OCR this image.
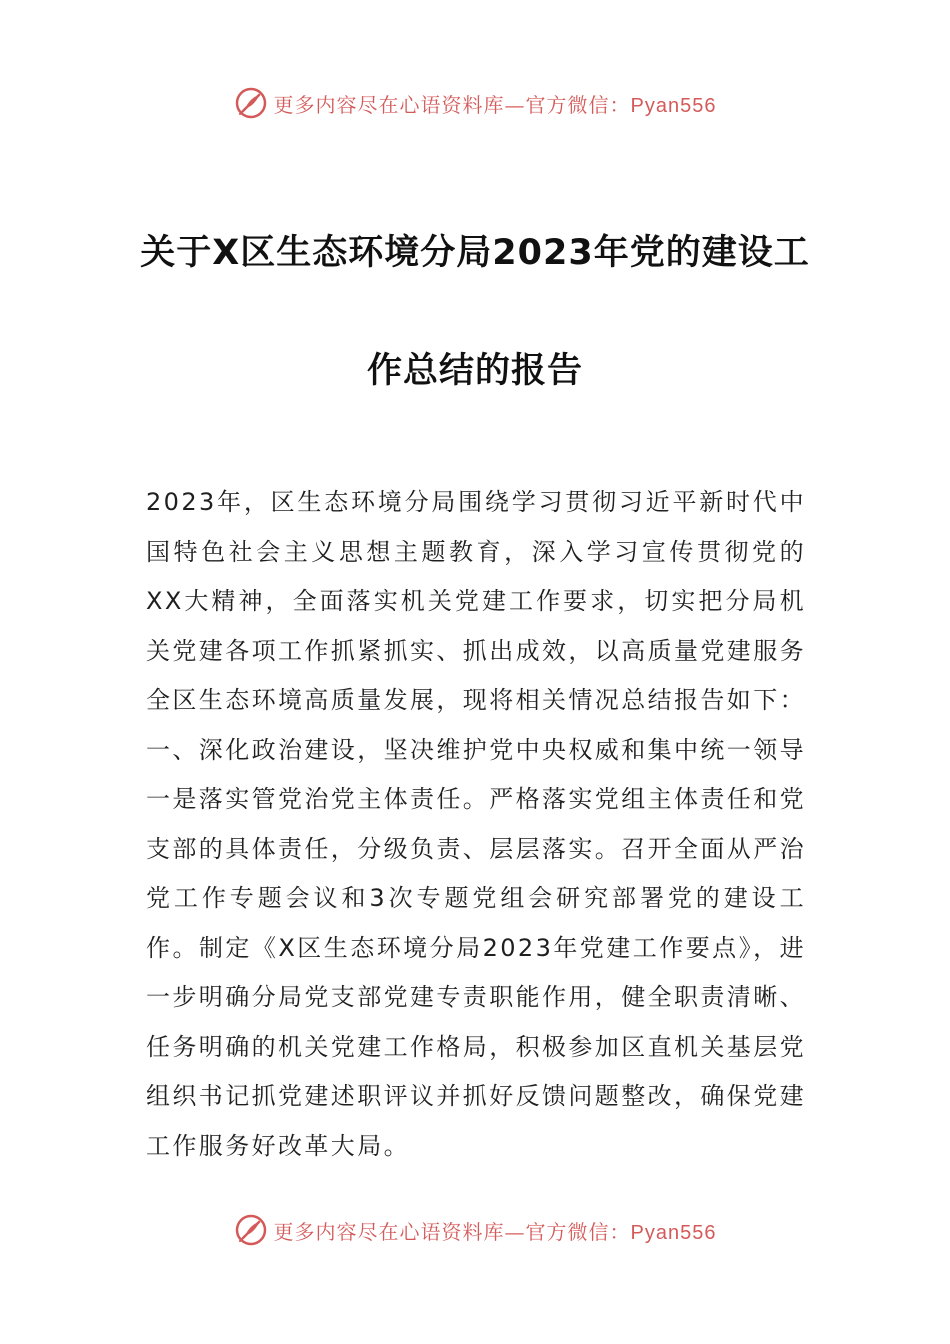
更多内容尽在心语资料库—官方微信：Pyan556
关于X区生态环境分局2023年党的建设工
作总结的报告

2023年，区生态环境分局围绕学习贯彻习近平新时代中国特色社会主义思想主题教育，深入学习宣传贯彻党的XX大精神，全面落实机关党建工作要求，切实把分局机关党建各项工作抓紧抓实、抓出成效，以高质量党建服务全区生态环境高质量发展，现将相关情况总结报告如下：

一、深化政治建设，坚决维护党中央权威和集中统一领导

一是落实管党治党主体责任。严格落实党组主体责任和党支部的具体责任，分级负责、层层落实。召开全面从严治党工作专题会议和3次专题党组会研究部署党的建设工作。制定《X区生态环境分局2023年党建工作要点》，进一步明确分局党支部党建专责职能作用，健全职责清晰、任务明确的机关党建工作格局，积极参加区直机关基层党组织书记抓党建述职评议并抓好反馈问题整改，确保党建工作服务好改革大局。

更多内容尽在心语资料库—官方微信：Pyan556
